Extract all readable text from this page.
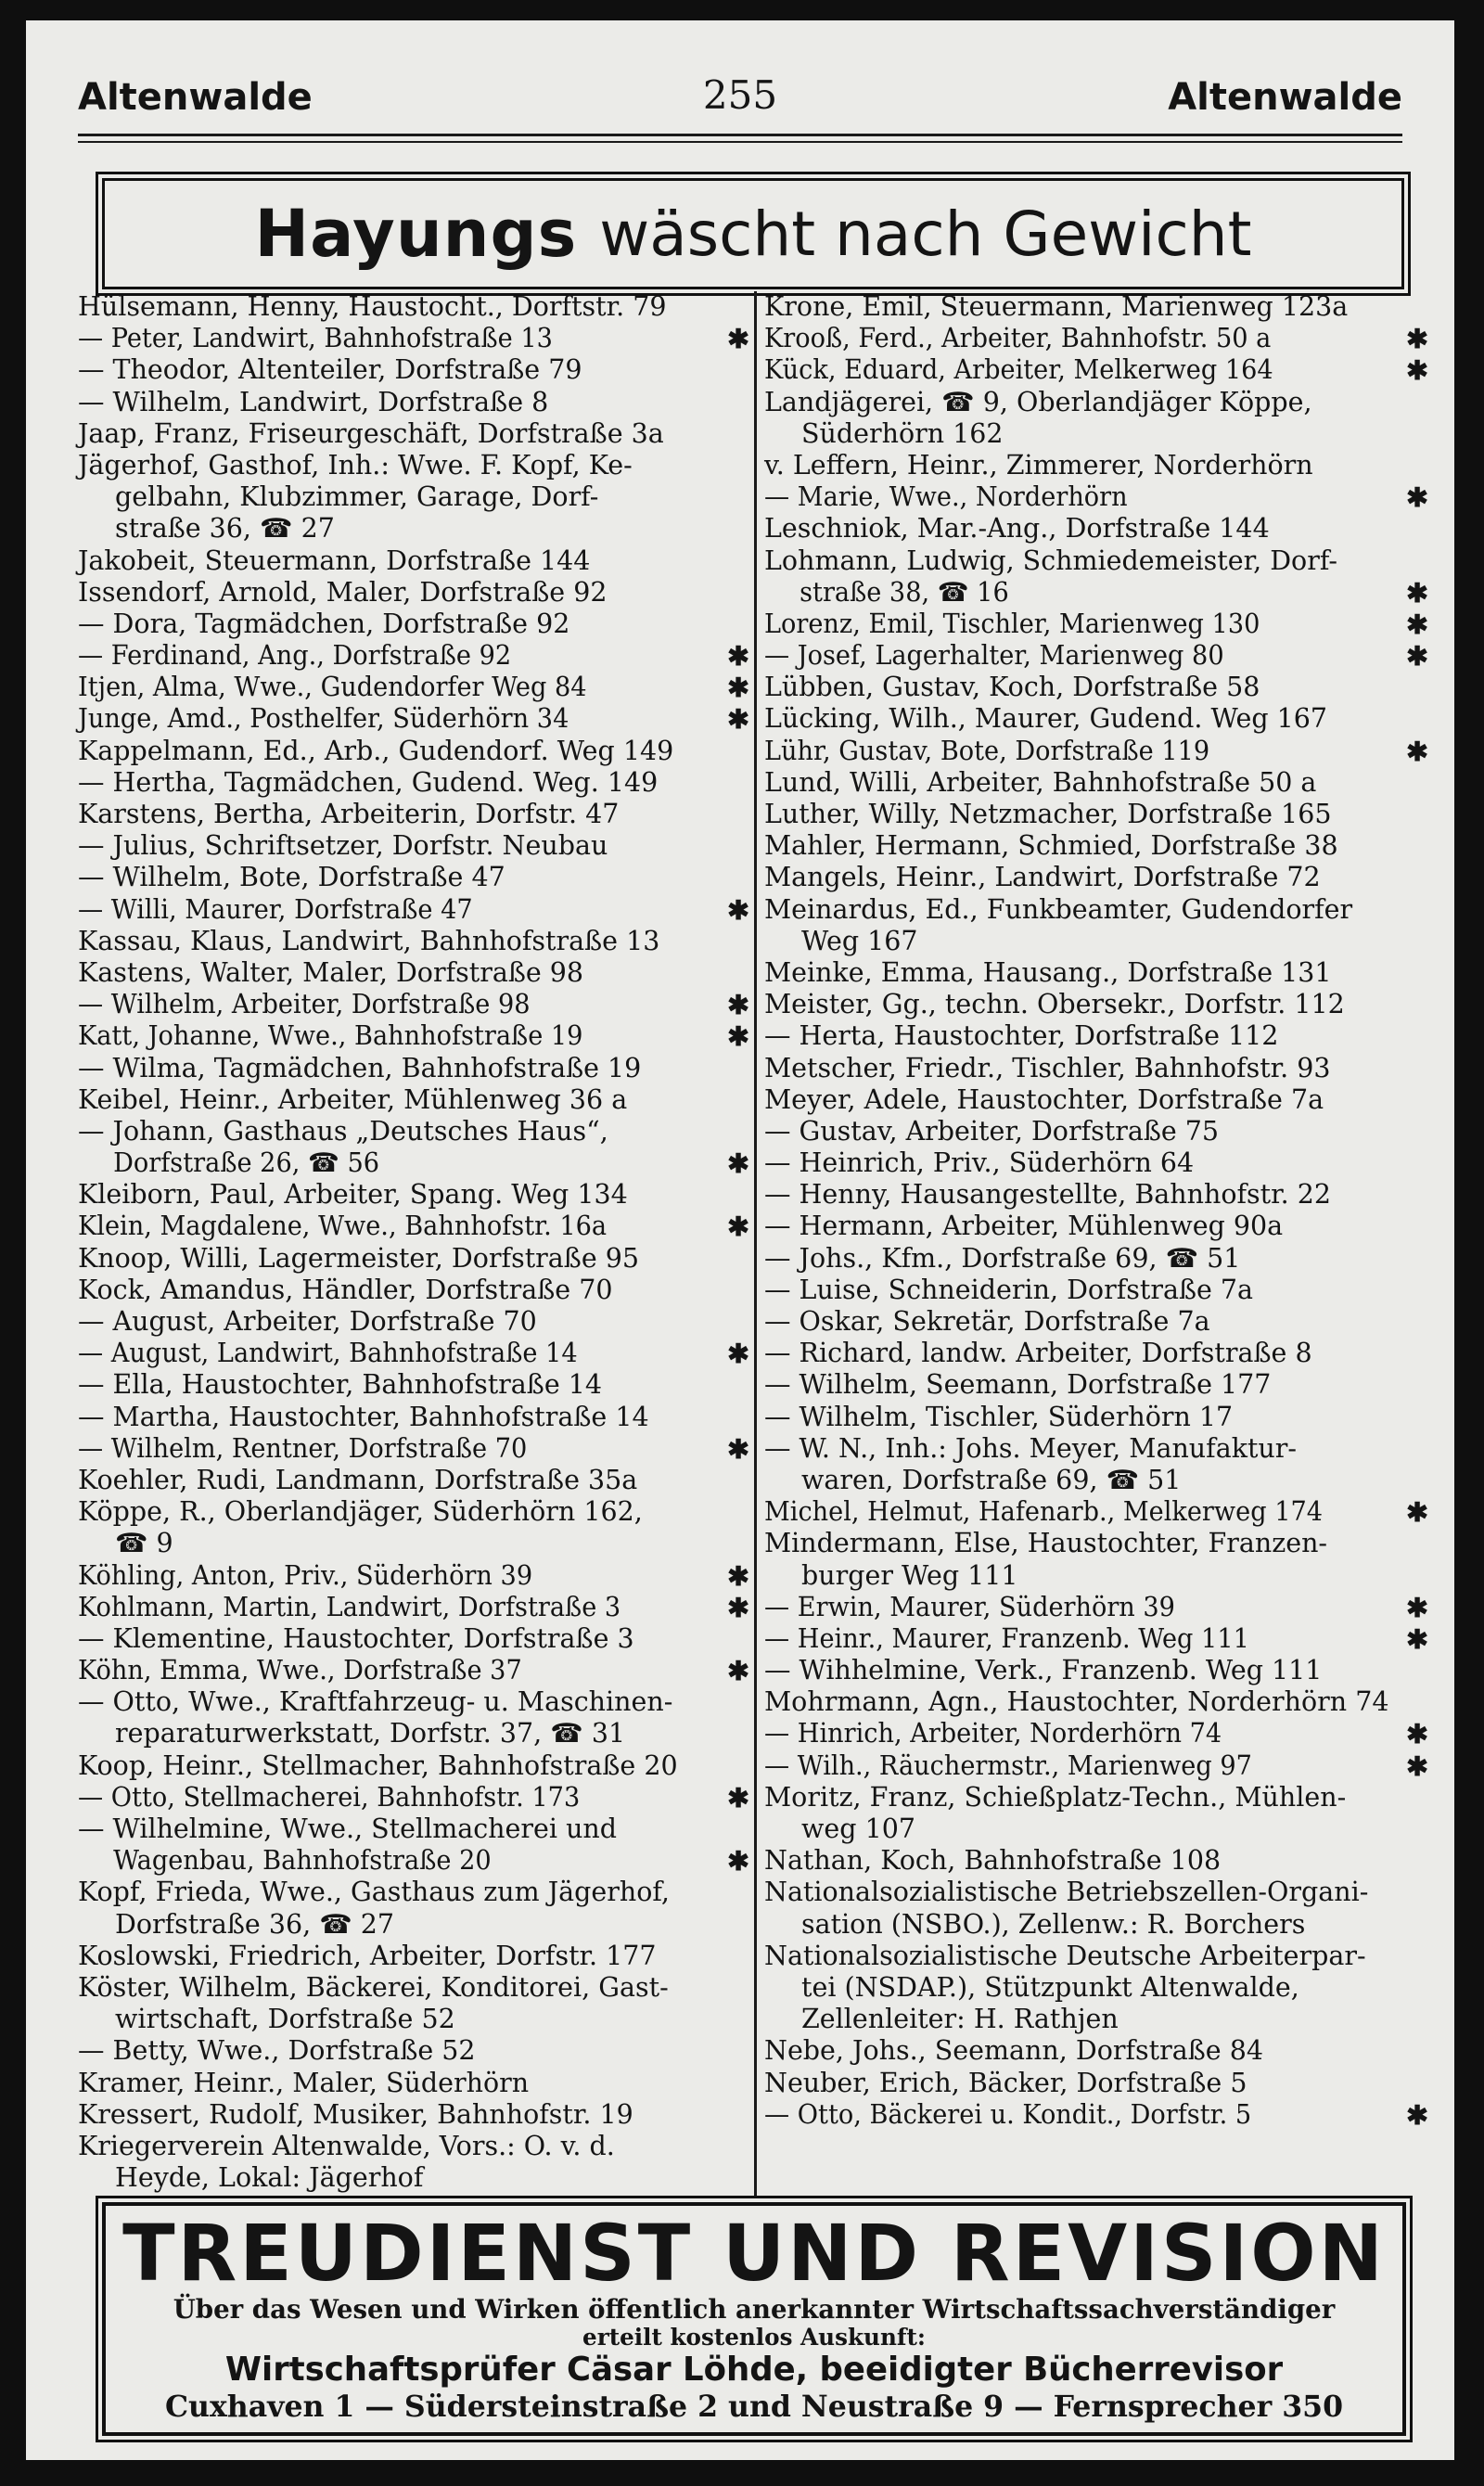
Altenwalde	255	Altenwalde
Hayungs wäscht nach Gewicht
Hülsemann, Henny, Haustocht., Dorftstr. 79
— Peter, Landwirt, Bahnhofstraße 13	✱
— Theodor, Altenteiler, Dorfstraße 79
— Wilhelm, Landwirt, Dorfstraße 8
Jaap, Franz, Friseurgeschäft, Dorfstraße 3a
Jägerhof, Gasthof, Inh.: Wwe. F. Kopf, Ke-
gelbahn, Klubzimmer, Garage, Dorf-
straße 36, ☎ 27
Jakobeit, Steuermann, Dorfstraße 144
Issendorf, Arnold, Maler, Dorfstraße 92
— Dora, Tagmädchen, Dorfstraße 92
— Ferdinand, Ang., Dorfstraße 92	✱
Itjen, Alma, Wwe., Gudendorfer Weg 84	✱
Junge, Amd., Posthelfer, Süderhörn 34	✱
Kappelmann, Ed., Arb., Gudendorf. Weg 149
— Hertha, Tagmädchen, Gudend. Weg. 149
Karstens, Bertha, Arbeiterin, Dorfstr. 47
— Julius, Schriftsetzer, Dorfstr. Neubau
— Wilhelm, Bote, Dorfstraße 47
— Willi, Maurer, Dorfstraße 47	✱
Kassau, Klaus, Landwirt, Bahnhofstraße 13
Kastens, Walter, Maler, Dorfstraße 98
— Wilhelm, Arbeiter, Dorfstraße 98	✱
Katt, Johanne, Wwe., Bahnhofstraße 19	✱
— Wilma, Tagmädchen, Bahnhofstraße 19
Keibel, Heinr., Arbeiter, Mühlenweg 36 a
— Johann, Gasthaus „Deutsches Haus“,
Dorfstraße 26, ☎ 56	✱
Kleiborn, Paul, Arbeiter, Spang. Weg 134
Klein, Magdalene, Wwe., Bahnhofstr. 16a	✱
Knoop, Willi, Lagermeister, Dorfstraße 95
Kock, Amandus, Händler, Dorfstraße 70
— August, Arbeiter, Dorfstraße 70
— August, Landwirt, Bahnhofstraße 14	✱
— Ella, Haustochter, Bahnhofstraße 14
— Martha, Haustochter, Bahnhofstraße 14
— Wilhelm, Rentner, Dorfstraße 70	✱
Koehler, Rudi, Landmann, Dorfstraße 35a
Köppe, R., Oberlandjäger, Süderhörn 162,
☎ 9
Köhling, Anton, Priv., Süderhörn 39	✱
Kohlmann, Martin, Landwirt, Dorfstraße 3	✱
— Klementine, Haustochter, Dorfstraße 3
Köhn, Emma, Wwe., Dorfstraße 37	✱
— Otto, Wwe., Kraftfahrzeug- u. Maschinen-
reparaturwerkstatt, Dorfstr. 37, ☎ 31
Koop, Heinr., Stellmacher, Bahnhofstraße 20
— Otto, Stellmacherei, Bahnhofstr. 173	✱
— Wilhelmine, Wwe., Stellmacherei und
Wagenbau, Bahnhofstraße 20	✱
Kopf, Frieda, Wwe., Gasthaus zum Jägerhof,
Dorfstraße 36, ☎ 27
Koslowski, Friedrich, Arbeiter, Dorfstr. 177
Köster, Wilhelm, Bäckerei, Konditorei, Gast-
wirtschaft, Dorfstraße 52
— Betty, Wwe., Dorfstraße 52
Kramer, Heinr., Maler, Süderhörn
Kressert, Rudolf, Musiker, Bahnhofstr. 19
Kriegerverein Altenwalde, Vors.: O. v. d.
Heyde, Lokal: Jägerhof
Krone, Emil, Steuermann, Marienweg 123a
Krooß, Ferd., Arbeiter, Bahnhofstr. 50 a	✱
Kück, Eduard, Arbeiter, Melkerweg 164	✱
Landjägerei, ☎ 9, Oberlandjäger Köppe,
Süderhörn 162
v. Leffern, Heinr., Zimmerer, Norderhörn
— Marie, Wwe., Norderhörn	✱
Leschniok, Mar.-Ang., Dorfstraße 144
Lohmann, Ludwig, Schmiedemeister, Dorf-
straße 38, ☎ 16	✱
Lorenz, Emil, Tischler, Marienweg 130	✱
— Josef, Lagerhalter, Marienweg 80	✱
Lübben, Gustav, Koch, Dorfstraße 58
Lücking, Wilh., Maurer, Gudend. Weg 167
Lühr, Gustav, Bote, Dorfstraße 119	✱
Lund, Willi, Arbeiter, Bahnhofstraße 50 a
Luther, Willy, Netzmacher, Dorfstraße 165
Mahler, Hermann, Schmied, Dorfstraße 38
Mangels, Heinr., Landwirt, Dorfstraße 72
Meinardus, Ed., Funkbeamter, Gudendorfer
Weg 167
Meinke, Emma, Hausang., Dorfstraße 131
Meister, Gg., techn. Obersekr., Dorfstr. 112
— Herta, Haustochter, Dorfstraße 112
Metscher, Friedr., Tischler, Bahnhofstr. 93
Meyer, Adele, Haustochter, Dorfstraße 7a
— Gustav, Arbeiter, Dorfstraße 75
— Heinrich, Priv., Süderhörn 64
— Henny, Hausangestellte, Bahnhofstr. 22
— Hermann, Arbeiter, Mühlenweg 90a
— Johs., Kfm., Dorfstraße 69, ☎ 51
— Luise, Schneiderin, Dorfstraße 7a
— Oskar, Sekretär, Dorfstraße 7a
— Richard, landw. Arbeiter, Dorfstraße 8
— Wilhelm, Seemann, Dorfstraße 177
— Wilhelm, Tischler, Süderhörn 17
— W. N., Inh.: Johs. Meyer, Manufaktur-
waren, Dorfstraße 69, ☎ 51
Michel, Helmut, Hafenarb., Melkerweg 174	✱
Mindermann, Else, Haustochter, Franzen-
burger Weg 111
— Erwin, Maurer, Süderhörn 39	✱
— Heinr., Maurer, Franzenb. Weg 111	✱
— Wihhelmine, Verk., Franzenb. Weg 111
Mohrmann, Agn., Haustochter, Norderhörn 74
— Hinrich, Arbeiter, Norderhörn 74	✱
— Wilh., Räuchermstr., Marienweg 97	✱
Moritz, Franz, Schießplatz-Techn., Mühlen-
weg 107
Nathan, Koch, Bahnhofstraße 108
Nationalsozialistische Betriebszellen-Organi-
sation (NSBO.), Zellenw.: R. Borchers
Nationalsozialistische Deutsche Arbeiterpar-
tei (NSDAP.), Stützpunkt Altenwalde,
Zellenleiter: H. Rathjen
Nebe, Johs., Seemann, Dorfstraße 84
Neuber, Erich, Bäcker, Dorfstraße 5
— Otto, Bäckerei u. Kondit., Dorfstr. 5	✱
TREUDIENST UND REVISION
Über das Wesen und Wirken öffentlich anerkannter Wirtschaftssachverständiger
erteilt kostenlos Auskunft:
Wirtschaftsprüfer Cäsar Löhde, beeidigter Bücherrevisor
Cuxhaven 1 — Südersteinstraße 2 und Neustraße 9 — Fernsprecher 350
